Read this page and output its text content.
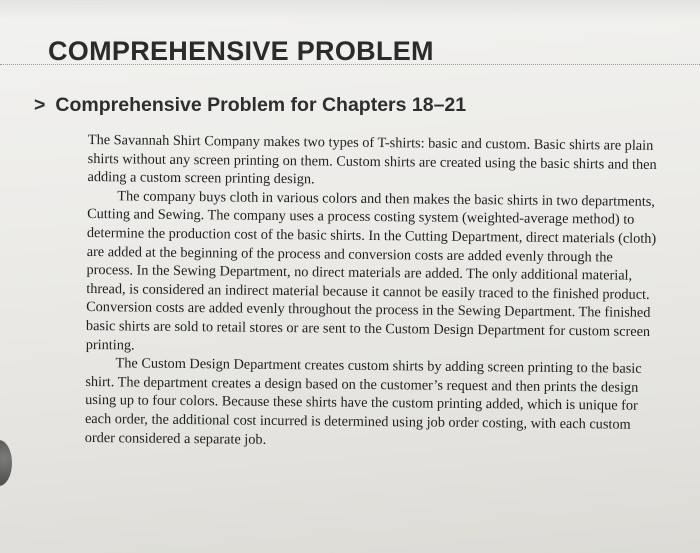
COMPREHENSIVE PROBLEM
> Comprehensive Problem for Chapters 18–21

The Savannah Shirt Company makes two types of T-shirts: basic and custom. Basic shirts are plain shirts without any screen printing on them. Custom shirts are created using the basic shirts and then adding a custom screen printing design.

The company buys cloth in various colors and then makes the basic shirts in two departments, Cutting and Sewing. The company uses a process costing system (weighted-average method) to determine the production cost of the basic shirts. In the Cutting Department, direct materials (cloth) are added at the beginning of the process and conversion costs are added evenly through the process. In the Sewing Department, no direct materials are added. The only additional material, thread, is considered an indirect material because it cannot be easily traced to the finished product. Conversion costs are added evenly throughout the process in the Sewing Department. The finished basic shirts are sold to retail stores or are sent to the Custom Design Department for custom screen printing.

The Custom Design Department creates custom shirts by adding screen printing to the basic shirt. The department creates a design based on the customer’s request and then prints the design using up to four colors. Because these shirts have the custom printing added, which is unique for each order, the additional cost incurred is determined using job order costing, with each custom order considered a separate job.
